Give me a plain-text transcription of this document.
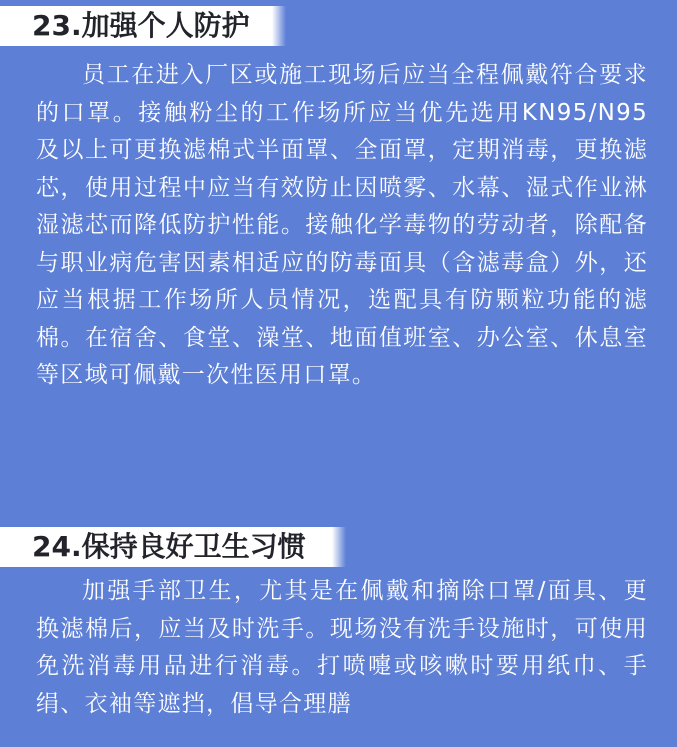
23.加强个人防护

员工在进入厂区或施工现场后应当全程佩戴符合要求的口罩。接触粉尘的工作场所应当优先选用KN95/N95及以上可更换滤棉式半面罩、全面罩，定期消毒，更换滤芯，使用过程中应当有效防止因喷雾、水幕、湿式作业淋湿滤芯而降低防护性能。接触化学毒物的劳动者，除配备与职业病危害因素相适应的防毒面具（含滤毒盒）外，还应当根据工作场所人员情况，选配具有防颗粒功能的滤棉。在宿舍、食堂、澡堂、地面值班室、办公室、休息室等区域可佩戴一次性医用口罩。

24.保持良好卫生习惯

加强手部卫生，尤其是在佩戴和摘除口罩/面具、更换滤棉后，应当及时洗手。现场没有洗手设施时，可使用免洗消毒用品进行消毒。打喷嚏或咳嗽时要用纸巾、手绢、衣袖等遮挡，倡导合理膳
